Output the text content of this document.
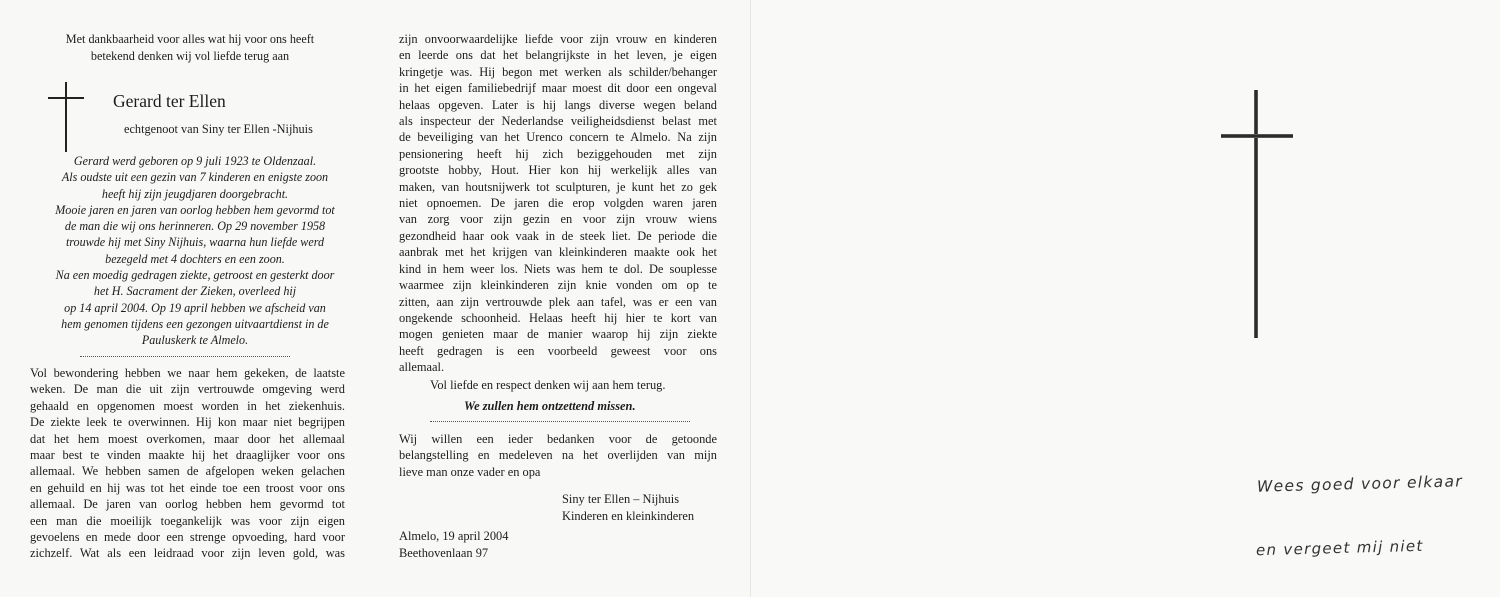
Met dankbaarheid voor alles wat hij voor ons heeft
betekend denken wij vol liefde terug aan
Gerard ter Ellen
echtgenoot van Siny ter Ellen -Nijhuis
Gerard werd geboren op 9 juli 1923 te Oldenzaal.
Als oudste uit een gezin van 7 kinderen en enigste zoon
heeft hij zijn jeugdjaren doorgebracht.
Mooie jaren en jaren van oorlog hebben hem gevormd tot
de man die wij ons herinneren. Op 29 november 1958
trouwde hij met Siny Nijhuis, waarna hun liefde werd
bezegeld met 4 dochters en een zoon.
Na een moedig gedragen ziekte, getroost en gesterkt door
het H. Sacrament der Zieken, overleed hij
op 14 april 2004. Op 19 april hebben we afscheid van
hem genomen tijdens een gezongen uitvaartdienst in de
Pauluskerk te Almelo.
Vol bewondering hebben we naar hem gekeken, de laatste
weken. De man die uit zijn vertrouwde omgeving werd
gehaald en opgenomen moest worden in het ziekenhuis.
De ziekte leek te overwinnen. Hij kon maar niet begrijpen
dat het hem moest overkomen, maar door het allemaal
maar best te vinden maakte hij het draaglijker voor ons
allemaal. We hebben samen de afgelopen weken gelachen
en gehuild en hij was tot het einde toe een troost voor ons
allemaal. De jaren van oorlog hebben hem gevormd tot
een man die moeilijk toegankelijk was voor zijn eigen
gevoelens en mede door een strenge opvoeding, hard voor
zichzelf. Wat als een leidraad voor zijn leven gold, was
zijn onvoorwaardelijke liefde voor zijn vrouw en kinderen
en leerde ons dat het belangrijkste in het leven, je eigen
kringetje was. Hij begon met werken als schilder/behanger
in het eigen familiebedrijf maar moest dit door een ongeval
helaas opgeven. Later is hij langs diverse wegen beland
als inspecteur der Nederlandse veiligheidsdienst belast met
de beveiliging van het Urenco concern te Almelo. Na zijn
pensionering heeft hij zich beziggehouden met zijn
grootste hobby, Hout. Hier kon hij werkelijk alles van
maken, van houtsnijwerk tot sculpturen, je kunt het zo gek
niet opnoemen. De jaren die erop volgden waren jaren
van zorg voor zijn gezin en voor zijn vrouw wiens
gezondheid haar ook vaak in de steek liet. De periode die
aanbrak met het krijgen van kleinkinderen maakte ook het
kind in hem weer los. Niets was hem te dol. De souplesse
waarmee zijn kleinkinderen zijn knie vonden om op te
zitten, aan zijn vertrouwde plek aan tafel, was er een van
ongekende schoonheid. Helaas heeft hij hier te kort van
mogen genieten maar de manier waarop hij zijn ziekte
heeft gedragen is een voorbeeld geweest voor ons
allemaal.
Vol liefde en respect denken wij aan hem terug.
We zullen hem ontzettend missen.
Wij willen een ieder bedanken voor de getoonde
belangstelling en medeleven na het overlijden van mijn
lieve man onze vader en opa
Siny ter Ellen – Nijhuis
Kinderen en kleinkinderen
Almelo, 19 april 2004
Beethovenlaan 97
Wees goed voor elkaar
en vergeet mij niet
